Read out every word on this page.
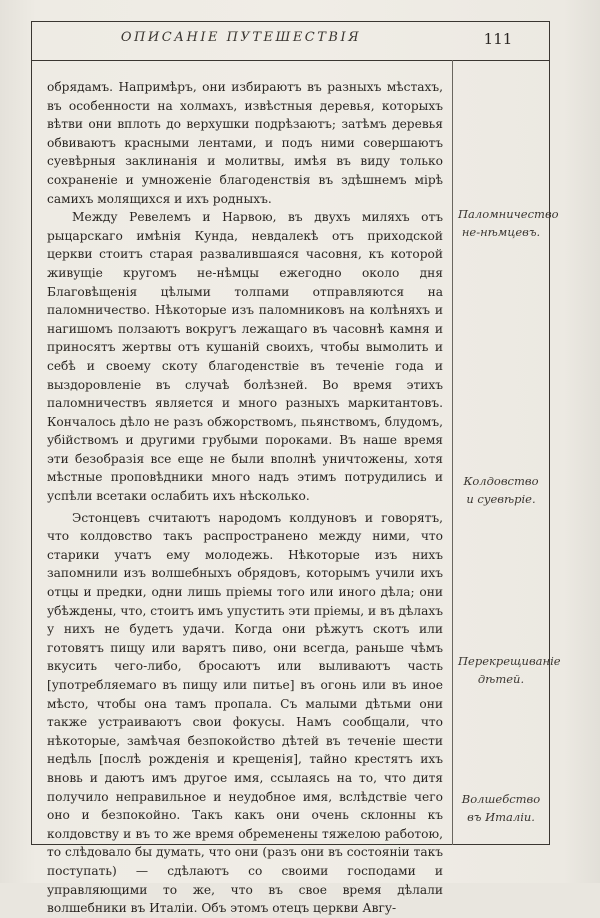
ОПИСАНІЕ ПУТЕШЕСТВІЯ	111

обрядамъ. Напримѣръ, они избираютъ въ разныхъ мѣстахъ, въ особенности на холмахъ, извѣстныя деревья, которыхъ вѣтви они вплоть до верхушки подрѣзаютъ; затѣмъ деревья обвиваютъ красными лентами, и подъ ними совершаютъ суевѣрныя заклинанія и молитвы, имѣя въ виду только сохраненіе и умноженіе благоденствія въ здѣшнемъ мірѣ самихъ молящихся и ихъ родныхъ.

Между Ревелемъ и Нарвою, въ двухъ миляхъ отъ рыцарскаго имѣнія Кунда, невдалекѣ отъ приходской церкви стоитъ старая развалившаяся часовня, къ которой живущіе кругомъ не-нѣмцы ежегодно около дня Благовѣщенія цѣлыми толпами отправляются на паломничество. Нѣкоторые изъ паломниковъ на колѣняхъ и нагишомъ ползаютъ вокругъ лежащаго въ часовнѣ камня и приносятъ жертвы отъ кушаній своихъ, чтобы вымолить и себѣ и своему скоту благоденствіе въ теченіе года и выздоровленіе въ случаѣ болѣзней. Во время этихъ паломничествъ является и много разныхъ маркитантовъ. Кончалось дѣло не разъ обжорствомъ, пьянствомъ, блудомъ, убійствомъ и другими грубыми пороками. Въ наше время эти безобразія все еще не были вполнѣ уничтожены, хотя мѣстные проповѣдники много надъ этимъ потрудились и успѣли всетаки ослабить ихъ нѣсколько.

Эстонцевъ считаютъ народомъ колдуновъ и говорятъ, что колдовство такъ распространено между ними, что старики учатъ ему молодежь. Нѣкоторые изъ нихъ запомнили изъ волшебныхъ обрядовъ, которымъ учили ихъ отцы и предки, одни лишь пріемы того или иного дѣла; они убѣждены, что, стоитъ имъ упустить эти пріемы, и въ дѣлахъ у нихъ не будетъ удачи. Когда они рѣжутъ скотъ или готовятъ пищу или варятъ пиво, они всегда, раньше чѣмъ вкусить чего-либо, бросаютъ или выливаютъ часть [употребляемаго въ пищу или питье] въ огонь или въ иное мѣсто, чтобы она тамъ пропала. Съ малыми дѣтьми они также устраиваютъ свои фокусы. Намъ сообщали, что нѣкоторые, замѣчая безпокойство дѣтей въ теченіе шести недѣль [послѣ рожденія и крещенія], тайно крестятъ ихъ вновь и даютъ имъ другое имя, ссылаясь на то, что дитя получило неправильное и неудобное имя, вслѣдствіе чего оно и безпокойно. Такъ какъ они очень склонны къ колдовству и въ то же время обременены тяжелою работою, то слѣдовало бы думать, что они (разъ они въ состояніи такъ поступать) — сдѣлаютъ со своими господами и управляющими то же, что въ свое время дѣлали волшебники въ Италіи. Объ этомъ отецъ церкви Авгу-

Паломничество не-нѣмцевъ.
Колдовство и суевѣріе.
Перекрещиваніе дѣтей.
Волшебство въ Италіи.
